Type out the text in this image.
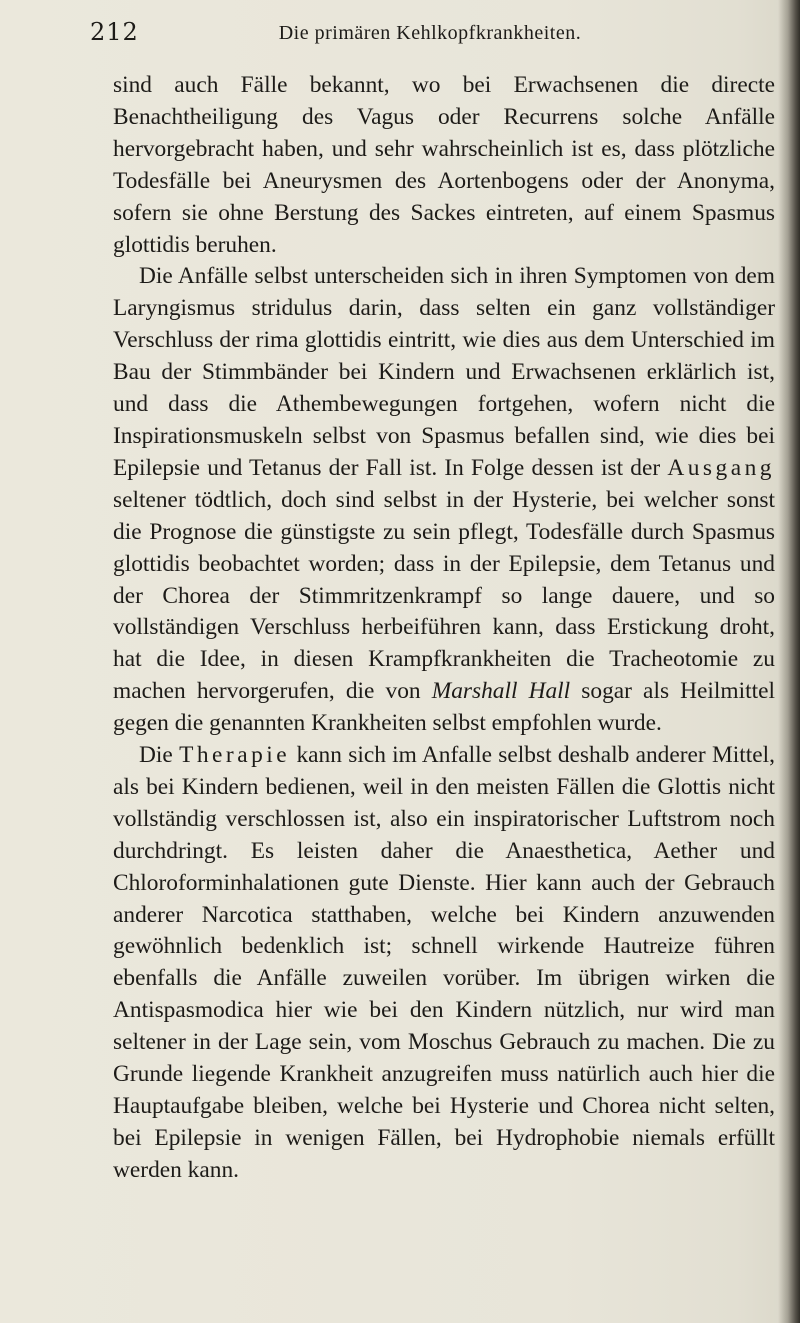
212	Die primären Kehlkopfkrankheiten.

sind auch Fälle bekannt, wo bei Erwachsenen die directe Benachtheiligung des Vagus oder Recurrens solche Anfälle hervorgebracht haben, und sehr wahrscheinlich ist es, dass plötzliche Todesfälle bei Aneurysmen des Aortenbogens oder der Anonyma, sofern sie ohne Berstung des Sackes eintreten, auf einem Spasmus glottidis beruhen.

Die Anfälle selbst unterscheiden sich in ihren Symptomen von dem Laryngismus stridulus darin, dass selten ein ganz vollständiger Verschluss der rima glottidis eintritt, wie dies aus dem Unterschied im Bau der Stimmbänder bei Kindern und Erwachsenen erklärlich ist, und dass die Athembewegungen fortgehen, wofern nicht die Inspirationsmuskeln selbst von Spasmus befallen sind, wie dies bei Epilepsie und Tetanus der Fall ist. In Folge dessen ist der Ausgang seltener tödtlich, doch sind selbst in der Hysterie, bei welcher sonst die Prognose die günstigste zu sein pflegt, Todesfälle durch Spasmus glottidis beobachtet worden; dass in der Epilepsie, dem Tetanus und der Chorea der Stimmritzenkrampf so lange dauere, und so vollständigen Verschluss herbeiführen kann, dass Erstickung droht, hat die Idee, in diesen Krampfkrankheiten die Tracheotomie zu machen hervorgerufen, die von Marshall Hall sogar als Heilmittel gegen die genannten Krankheiten selbst empfohlen wurde.

Die Therapie kann sich im Anfalle selbst deshalb anderer Mittel, als bei Kindern bedienen, weil in den meisten Fällen die Glottis nicht vollständig verschlossen ist, also ein inspiratorischer Luftstrom noch durchdringt. Es leisten daher die Anaesthetica, Aether und Chloroforminhalationen gute Dienste. Hier kann auch der Gebrauch anderer Narcotica statthaben, welche bei Kindern anzuwenden gewöhnlich bedenklich ist; schnell wirkende Hautreize führen ebenfalls die Anfälle zuweilen vorüber. Im übrigen wirken die Antispasmodica hier wie bei den Kindern nützlich, nur wird man seltener in der Lage sein, vom Moschus Gebrauch zu machen. Die zu Grunde liegende Krankheit anzugreifen muss natürlich auch hier die Hauptaufgabe bleiben, welche bei Hysterie und Chorea nicht selten, bei Epilepsie in wenigen Fällen, bei Hydrophobie niemals erfüllt werden kann.
